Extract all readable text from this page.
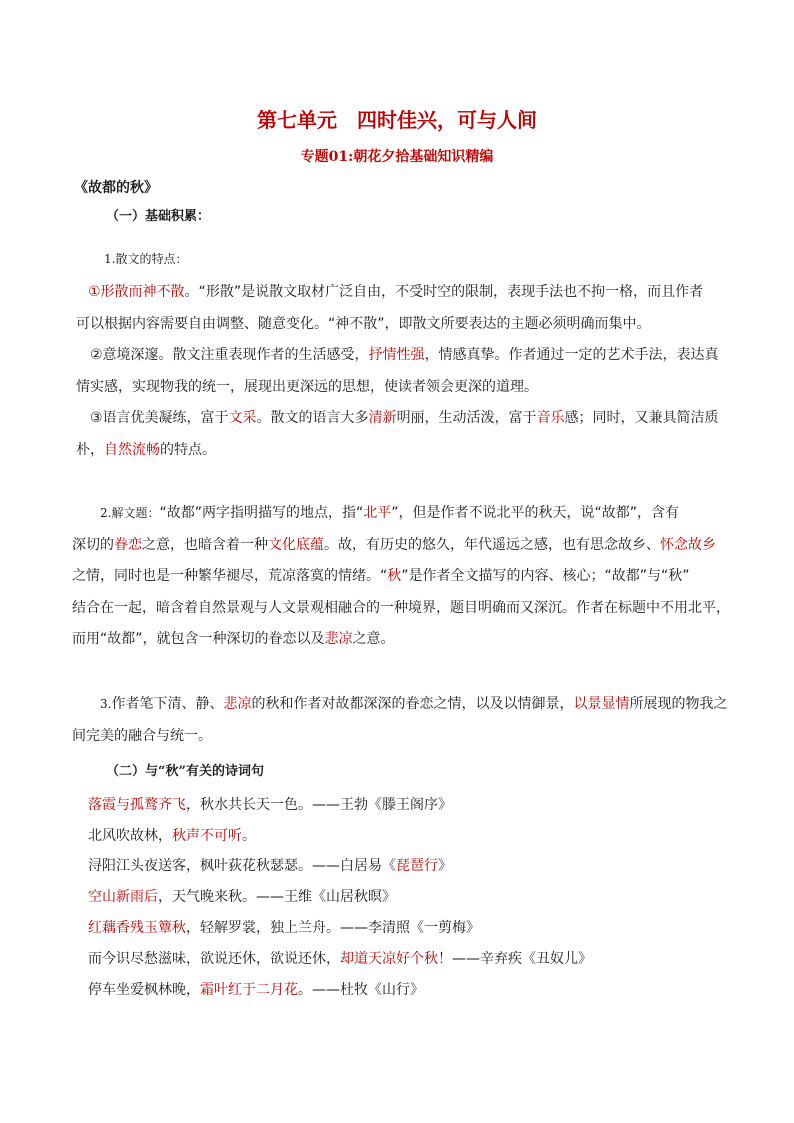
第七单元　四时佳兴，可与人间
专题01:朝花夕拾基础知识精编
《故都的秋》
（一）基础积累：
1.散文的特点：
①形散而神不散。“形散”是说散文取材广泛自由，不受时空的限制，表现手法也不拘一格，而且作者
可以根据内容需要自由调整、随意变化。“神不散”，即散文所要表达的主题必须明确而集中。
②意境深邃。散文注重表现作者的生活感受，抒情性强，情感真挚。作者通过一定的艺术手法，表达真
情实感，实现物我的统一，展现出更深远的思想，使读者领会更深的道理。
③语言优美凝练，富于文采。散文的语言大多清新明丽，生动活泼，富于音乐感；同时，又兼具简洁质
朴，自然流畅的特点。
2.解文题：“故都”两字指明描写的地点，指“北平”，但是作者不说北平的秋天，说“故都”，含有
深切的眷恋之意，也暗含着一种文化底蕴。故，有历史的悠久，年代遥远之感，也有思念故乡、怀念故乡
之情，同时也是一种繁华褪尽，荒凉落寞的情绪。“秋”是作者全文描写的内容、核心；“故都”与“秋”
结合在一起，暗含着自然景观与人文景观相融合的一种境界，题目明确而又深沉。作者在标题中不用北平，
而用“故都”，就包含一种深切的眷恋以及悲凉之意。
3.作者笔下清、静、悲凉的秋和作者对故都深深的眷恋之情，以及以情御景，以景显情所展现的物我之
间完美的融合与统一。
（二）与“秋”有关的诗词句
落霞与孤鹜齐飞，秋水共长天一色。——王勃《滕王阁序》
北风吹故林，秋声不可听。
浔阳江头夜送客，枫叶荻花秋瑟瑟。——白居易《琵琶行》
空山新雨后，天气晚来秋。——王维《山居秋暝》
红藕香残玉簟秋，轻解罗裳，独上兰舟。——李清照《一剪梅》
而今识尽愁滋味，欲说还休，欲说还休，却道天凉好个秋！——辛弃疾《丑奴儿》
停车坐爱枫林晚，霜叶红于二月花。——杜牧《山行》
